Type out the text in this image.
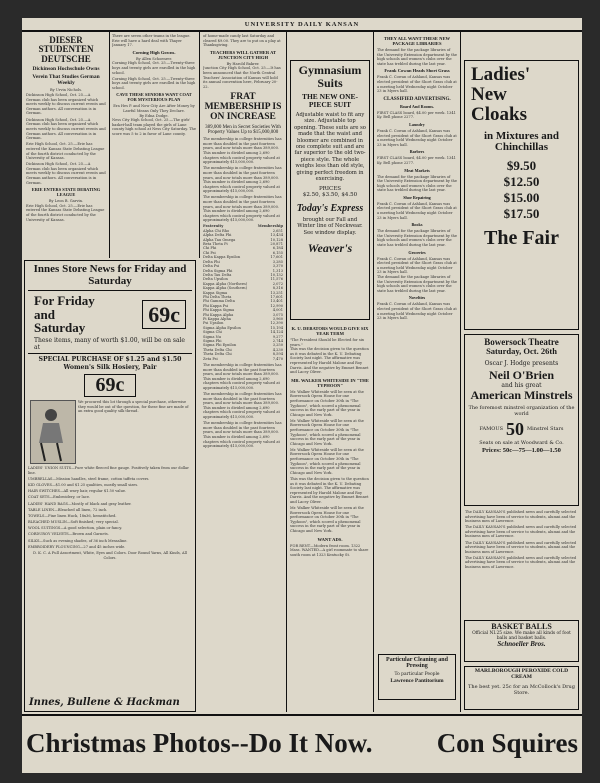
UNIVERSITY DAILY KANSAN
DIESER STUDENTEN DEUTSCHE
Dickinson Hochschule Owns
Verein That Studies German Weekly
By Urvin Nichols.
Dickinson High School, Oct. 25.—A German club has been organized which meets weekly to discuss current events and German authors. All conversation is in German.

Dickinson High School, Oct. 25.—A German club has been organized which meets weekly to discuss current events and German authors. All conversation is in German.

Erie High School, Oct. 25.—Erie has entered the Kansas State Debating League of the fourth district conducted by the University of Kansas.

Dickinson High School, Oct. 25.—A German club has been organized which meets weekly to discuss current events and German authors. All conversation is in German.

ERIE ENTERS STATE DEBATING LEAGUE
By Leon B. Garvin.
Erie High School, Oct. 25.—Erie has entered the Kansas State Debating League of the fourth district conducted by the University of Kansas.
There are seven other teams in the league. Erie will have a hard deal with Thayer January 17.
Corning High Gowns.
By Allen Schoenrer.

Corning High School, Oct. 25.—Twenty-three boys and twenty girls are enrolled in the high school.

Corning High School, Oct. 25.—Twenty-three boys and twenty girls are enrolled in the high school.

CAVE THESE SENIORS WANT COAT FOR MYSTERIOUS PLAN
Era Hes P. and Now City Are After Money by Lawful Means Only They Declare.
By Edna Dodge.
Ness City High School, Oct. 25.—The girls' basket-ball team played the girls of Lane county high school at Ness City Saturday. The score was 5 to 2 in favor of Lane county.
of home-made candy last Saturday and cleared $9.00. They are to put on a play at Thanksgiving.
TEACHERS WILL GATHER AT JUNCTION CITY HIGH
By Harold Bakrer.
Junction City High School, Oct. 25.—It has been announced that the North Central Teachers' Association of Kansas will hold its annual convention here, February 20-22.
FRAT MEMBERSHIP IS ON INCREASE
389,000 Men in Secret Societies With Property Values Up to $15,000,000

The membership in college fraternities has more than doubled in the past fourteen years, and now totals more than 389,000. This number is divided among 2,690 chapters which control property valued at approximately $15,000,000.

The membership in college fraternities has more than doubled in the past fourteen years, and now totals more than 389,000. This number is divided among 2,690 chapters which control property valued at approximately $15,000,000.

The membership in college fraternities has more than doubled in the past fourteen years, and now totals more than 389,000. This number is divided among 2,690 chapters which control property valued at approximately $15,000,000.

Fraternity	Membership
Alpha Chi Rho	2,651
Alpha Delta Phi	13,434
Alpha Tau Omega	10,128
Beta Theta Pi	20,871
Chi Phi	6,184
Chi Psi	6,155
Delta Kappa Epsilon	17,601
Delta Phi	3,285
Delta Psi	3,370
Delta Sigma Phi	1,313
Delta Tau Delta	10,132
Delta Upsilon	11,576
Kappa Alpha (Northern)	2,072
Kappa Alpha (Southern)	8,316
Kappa Sigma	13,251
Phi Delta Theta	17,601
Phi Gamma Delta	13,401
Phi Kappa Psi	12,990
Phi Kappa Sigma	4,001
Phi Kappa Alpha	3,075
Pi Kappa Alpha	3,960
Psi Upsilon	12,390
Sigma Alpha Epsilon	15,194
Sigma Chi	14,124
Sigma Nu	9,277
Sigma Phi	2,744
Sigma Phi Epsilon	3,250
Theta Delta Chi	4,230
Theta Delta Chi	8,594
Zeta Psi	7,470

The membership in college fraternities has more than doubled in the past fourteen years, and now totals more than 389,000. This number is divided among 2,690 chapters which control property valued at approximately $15,000,000.

The membership in college fraternities has more than doubled in the past fourteen years, and now totals more than 389,000. This number is divided among 2,690 chapters which control property valued at approximately $15,000,000.

The membership in college fraternities has more than doubled in the past fourteen years, and now totals more than 389,000. This number is divided among 2,690 chapters which control property valued at approximately $15,000,000.

Gymnasium Suits
THE NEW ONE-PIECE SUIT
Adjustable waist to fit any size. Adjustable top opening. These suits are so made that the waist and bloomer are combined in one complete suit and are far superior to the old two-piece style. The whole weighs less than old style, giving perfect freedom in exercising.
PRICES
$2.50, $3.50, $4.50
Today's Express
brought our Fall and Winter line of Neckwear. See window display.
Weaver's
K. U. DEBATORS WOULD GIVE SIX YEAR TERM
"The President Should be Elected for six years."
This was the decision given to the question as it was debated in the K. U. Debating Society last night. The affirmative was represented by Harold Malone and Roy Darris. And the negative by Emmet Bennet and Lacey Oliver.
MR. WALKER WHITESIDE IN "THE TYPHOON"

Mr. Walker Whiteside will be seen at the Bowersock Opera House for one performance on October 30th in "The Typhoon", which scored a phenomenal success in the early part of the year in Chicago and New York.

Mr. Walker Whiteside will be seen at the Bowersock Opera House for one performance on October 30th in "The Typhoon", which scored a phenomenal success in the early part of the year in Chicago and New York.

Mr. Walker Whiteside will be seen at the Bowersock Opera House for one performance on October 30th in "The Typhoon", which scored a phenomenal success in the early part of the year in Chicago and New York.

This was the decision given to the question as it was debated in the K. U. Debating Society last night. The affirmative was represented by Harold Malone and Roy Darris. And the negative by Emmet Bennet and Lacey Oliver.

Mr. Walker Whiteside will be seen at the Bowersock Opera House for one performance on October 30th in "The Typhoon", which scored a phenomenal success in the early part of the year in Chicago and New York.

WANT ADS.
FOR RENT—Modern front room. 1322 Mass. WANTED—A girl roommate to share south room at 1323 Kentucky St.
THEY ALL WANT THESE NEW PACKAGE LIBRARIES
The demand for the package libraries of the University Extension department by the high schools and women's clubs over the state has trebled during the last year.
Frank Cowan Heads Short Grass
Frank C. Cowan of Ashland, Kansas was elected president of the Short Grass club at a meeting held Wednesday night October 23 in Myers hall.
CLASSIFIED ADVERTISING.
Board And Rooms.
FIRST CLASS board, $4.00 per week. 1341 Ky. Bell phone 2277.
Laundry
Frank C. Cowan of Ashland, Kansas was elected president of the Short Grass club at a meeting held Wednesday night October 23 in Myers hall.
Barbers
FIRST CLASS board, $4.00 per week. 1341 Ky. Bell phone 2277.
Meat Markets
The demand for the package libraries of the University Extension department by the high schools and women's clubs over the state has trebled during the last year.
Shoe Repairing
Frank C. Cowan of Ashland, Kansas was elected president of the Short Grass club at a meeting held Wednesday night October 23 in Myers hall.
Books
The demand for the package libraries of the University Extension department by the high schools and women's clubs over the state has trebled during the last year.
Groceries
Frank C. Cowan of Ashland, Kansas was elected president of the Short Grass club at a meeting held Wednesday night October 23 in Myers hall.
The demand for the package libraries of the University Extension department by the high schools and women's clubs over the state has trebled during the last year.
Novelties
Frank C. Cowan of Ashland, Kansas was elected president of the Short Grass club at a meeting held Wednesday night October 23 in Myers hall.
Particular Cleaning and Pressing
To particular People
Lawrence Pantitorium
Ladies'
New
Cloaks
in Mixtures and Chinchillas
$9.50
$12.50
$15.00
$17.50
The Fair
Bowersock Theatre
Saturday, Oct. 26th
Oscar J. Hodge presents
Neil O'Brien
and his great
American Minstrels
The foremost minstrel organization of the world
FAMOUS 50 Minstrel Stars
Seats on sale at Woodward & Co.
Prices: 50c—75—1.00—1.50

The DAILY KANSAN'S published news and carefully selected advertising have been of service to students, alumni and the business men of Lawrence.

The DAILY KANSAN'S published news and carefully selected advertising have been of service to students, alumni and the business men of Lawrence.

The DAILY KANSAN'S published news and carefully selected advertising have been of service to students, alumni and the business men of Lawrence.

The DAILY KANSAN'S published news and carefully selected advertising have been of service to students, alumni and the business men of Lawrence.

BASKET BALLS
Official NI.25 size. We make all kinds of foot balls and basket balls.
Schnoeller Bros.
MARLBOROUGH PEROXIDE COLD CREAM
The best yet. 25c for an McCollock's Drug Store.
Innes Store News for Friday and Saturday
For Friday
and
Saturday
69c
These items, many of worth $1.00, will be on sale at
SPECIAL PURCHASE OF $1.25 and $1.50 Women's Silk Hosiery, Pair
69c
We procured this lot through a special purchase, otherwise they would be out of the question, for these fine are made of an extra good quality silk thread.
LADIES' UNION SUITS—Pure white fleeced fine gauge. Positively taken from our dollar line.
UMBRELLAS—Mission handles, steel frame, cotton taffeta covers.
KID GLOVES—$1.00 and $1.25 qualities, mostly small sizes.
HAIR SWITCHES—All wavy hair, regular $1.50 value.
COAT SETS—Embroidery, or lace.
LADIES' HAND BAGS—Mostly of black and gray leather.
TABLE LINEN—Bleached all linen, 72 inch.
TOWELS—Fine linen Huck, 18x36, hemstitched.
BLEACHED MUSLIN—Soft finished; very special.
WOOL SUITINGS—A good selection, plain or fancy.
CORDUROY VELVETS—Brown and Garnets.
SILKS—Such as evening shades, of 36 inch Messaline.
EMBROIDERY FLOUNCING—27 and 45 inches wide.
D. K. C. A Full Assortment, White, Eyes and Colors. Door Round Yarns, All Kinds, All Colors.
Innes, Bullene & Hackman
Christmas Photos--Do It Now. Con Squires
